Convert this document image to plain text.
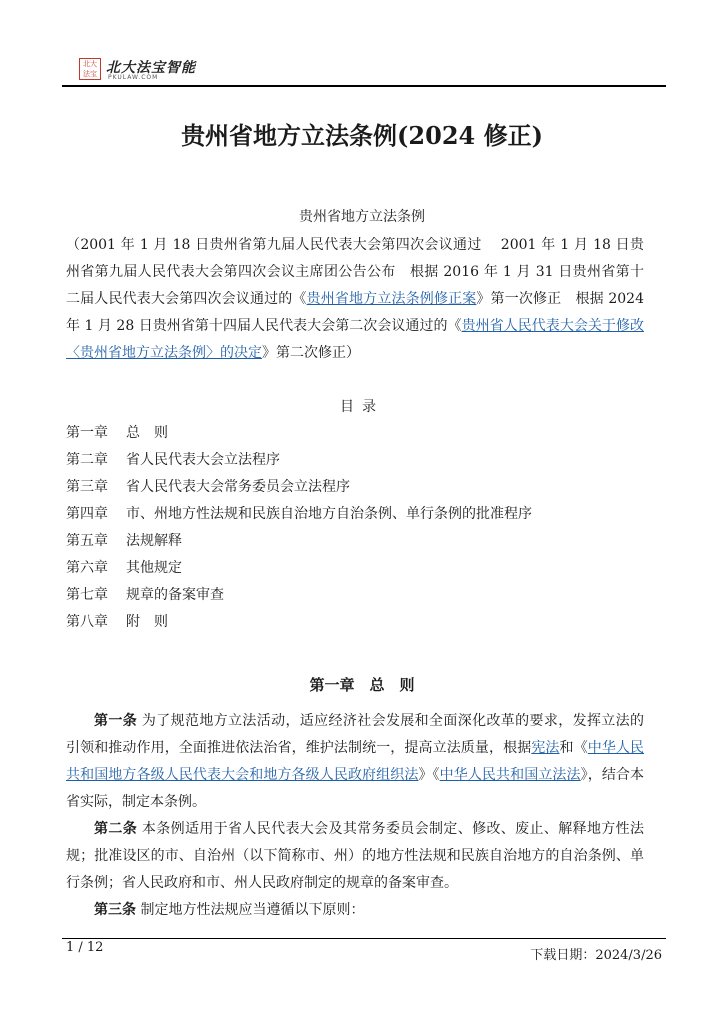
北大
法宝 北大法宝智能
PKULAW.COM
贵州省地方立法条例(2024 修正)
贵州省地方立法条例
（2001 年 1 月 18 日贵州省第九届人民代表大会第四次会议通过　 2001 年 1 月 18 日贵州省第九届人民代表大会第四次会议主席团公告公布　根据 2016 年 1 月 31 日贵州省第十二届人民代表大会第四次会议通过的《贵州省地方立法条例修正案》第一次修正　根据 2024 年 1 月 28 日贵州省第十四届人民代表大会第二次会议通过的《贵州省人民代表大会关于修改〈贵州省地方立法条例〉的决定》第二次修正）
目录
第一章 总　则
第二章 省人民代表大会立法程序
第三章 省人民代表大会常务委员会立法程序
第四章 市、州地方性法规和民族自治地方自治条例、单行条例的批准程序
第五章 法规解释
第六章 其他规定
第七章 规章的备案审查
第八章 附　则
第一章　总　则

第一条 为了规范地方立法活动，适应经济社会发展和全面深化改革的要求，发挥立法的引领和推动作用，全面推进依法治省，维护法制统一，提高立法质量，根据宪法和《中华人民共和国地方各级人民代表大会和地方各级人民政府组织法》《中华人民共和国立法法》，结合本省实际，制定本条例。

第二条 本条例适用于省人民代表大会及其常务委员会制定、修改、废止、解释地方性法规；批准设区的市、自治州（以下简称市、州）的地方性法规和民族自治地方的自治条例、单行条例；省人民政府和市、州人民政府制定的规章的备案审查。

第三条 制定地方性法规应当遵循以下原则：

1 / 12
下载日期：2024/3/26
